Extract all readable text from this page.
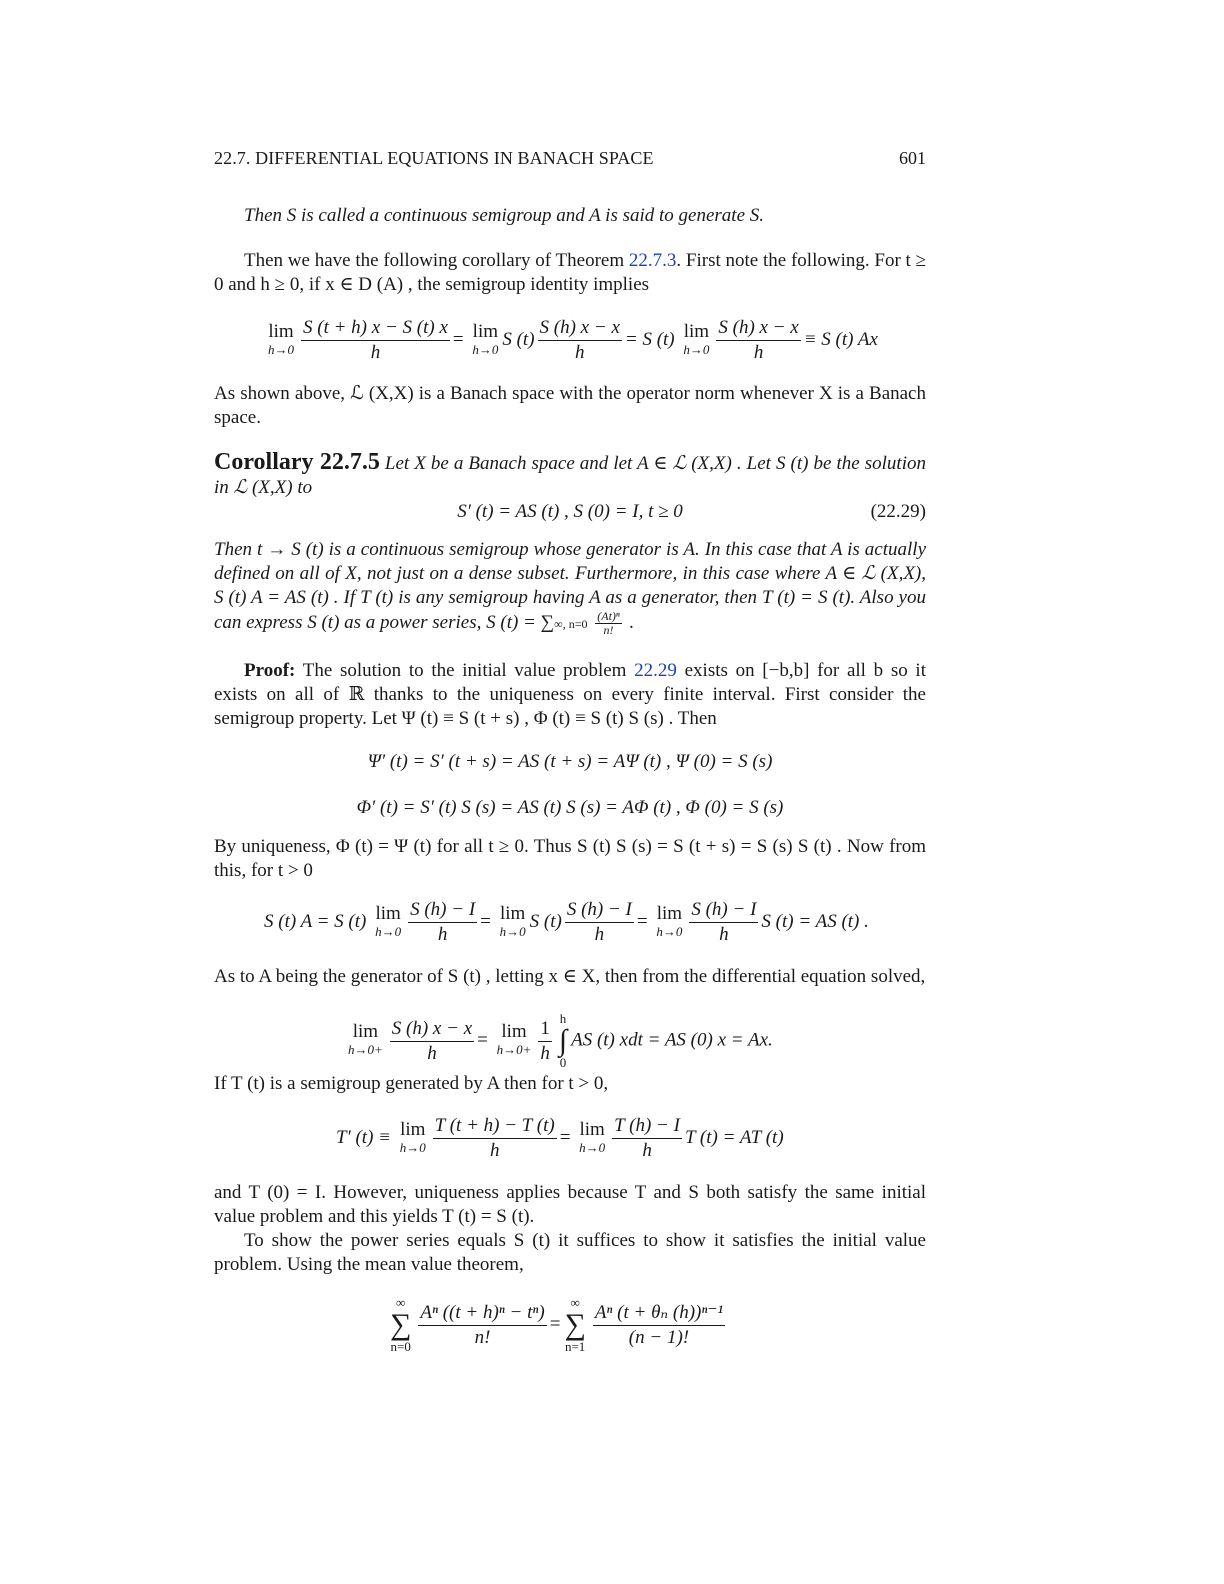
22.7. DIFFERENTIAL EQUATIONS IN BANACH SPACE	601
Then S is called a continuous semigroup and A is said to generate S.
Then we have the following corollary of Theorem 22.7.3. First note the following. For t ≥ 0 and h ≥ 0, if x ∈ D (A) , the semigroup identity implies
lim
$h\to 0 \frac{S (t + h) x - S (t) x}{h} = \lim$
h→0 S $(t) \frac{S (h) x - x}{h} = S$ (t) lim
$h\to 0 \frac{S (h) x - x}{h} \equiv S$ (t) Ax
As shown above, ℒ (X,X) is a Banach space with the operator norm whenever X is a Banach space.
Corollary 22.7.5 Let X be a Banach space and let A ∈ ℒ (X,X) . Let S (t) be the solution in ℒ (X,X) to
S′ (t) = AS (t) , S (0) = I, t ≥ 0	(22.29)
Then t → S (t) is a continuous semigroup whose generator is A. In this case that A is actually defined on all of X, not just on a dense subset. Furthermore, in this case where A ∈ ℒ (X,X), S (t) A = AS (t) . If T (t) is any semigroup having A as a generator, then T (t) = S (t). Also you can express S (t) as a power series, S (t) = ∑∞, $n=0 \frac{\text{(At)ⁿ}}{n!}$ .
Proof: The solution to the initial value problem 22.29 exists on [−b,b] for all b so it exists on all of ℝ thanks to the uniqueness on every finite interval. First consider the semigroup property. Let Ψ (t) ≡ S (t + s) , Φ (t) ≡ S (t) S (s) . Then
Ψ′ (t) = S′ (t + s) = AS (t + s) = AΨ (t) , Ψ (0) = S (s)
Φ′ (t) = S′ (t) S (s) = AS (t) S (s) = AΦ (t) , Φ (0) = S (s)
By uniqueness, Φ (t) = Ψ (t) for all t ≥ 0. Thus S (t) S (s) = S (t + s) = S (s) S (t) . Now from this, for t > 0
S (t) A = S (t) lim
$h\to 0 \frac{S (h) - I}{h} = \lim$
h→0 S $(t) \frac{S (h) - I}{h} = \lim$
$h\to 0 \frac{S (h) - I}{h}$ S (t) = AS (t) .
As to A being the generator of S (t) , letting x ∈ X, then from the differential equation solved,
lim
$h\to 0+ \frac{S (h) x - x}{h} = \lim$
$h\to 0+ \frac{1}{h}$ h
∫
0
AS (t) xdt = AS (0) x = Ax.
If T (t) is a semigroup generated by A then for t > 0,
T′ (t) ≡ lim
$h\to 0 \frac{T (t + h) - T (t)}{h} = \lim$
$h\to 0 \frac{T (h) - I}{h}$ T (t) = AT (t)
and T (0) = I. However, uniqueness applies because T and S both satisfy the same initial value problem and this yields T (t) = S (t).
To show the power series equals S (t) it suffices to show it satisfies the initial value problem. Using the mean value theorem,
∞
∑
$n=0 \frac{\text{Aⁿ ((t + h)ⁿ − tⁿ)}}{n!}$ =
∞
∑
$n=1 \frac{\text{Aⁿ (t + θₙ (h))ⁿ⁻¹}}{(n - 1)!}$
